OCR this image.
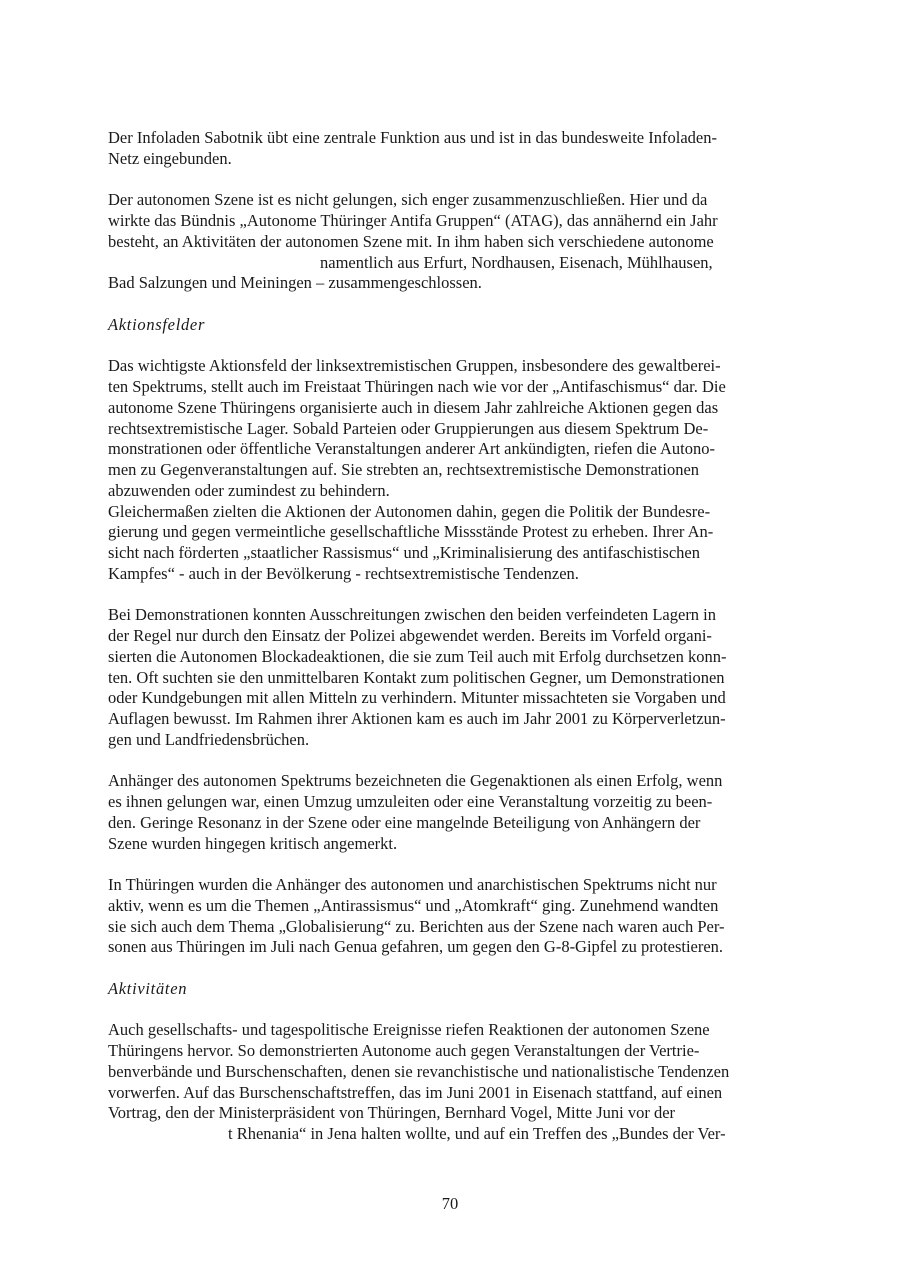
Der Infoladen Sabotnik übt eine zentrale Funktion aus und ist in das bundesweite Infoladen-
Netz eingebunden.
Der autonomen Szene ist es nicht gelungen, sich enger zusammenzuschließen. Hier und da
wirkte das Bündnis „Autonome Thüringer Antifa Gruppen“ (ATAG), das annähernd ein Jahr
besteht, an Aktivitäten der autonomen Szene mit. In ihm haben sich verschiedene autonome
namentlich aus Erfurt, Nordhausen, Eisenach, Mühlhausen,
Bad Salzungen und Meiningen – zusammengeschlossen.
Aktionsfelder
Das wichtigste Aktionsfeld der linksextremistischen Gruppen, insbesondere des gewaltberei-
ten Spektrums, stellt auch im Freistaat Thüringen nach wie vor der „Antifaschismus“ dar. Die
autonome Szene Thüringens organisierte auch in diesem Jahr zahlreiche Aktionen gegen das
rechtsextremistische Lager. Sobald Parteien oder Gruppierungen aus diesem Spektrum De-
monstrationen oder öffentliche Veranstaltungen anderer Art ankündigten, riefen die Autono-
men zu Gegenveranstaltungen auf. Sie strebten an, rechtsextremistische Demonstrationen
abzuwenden oder zumindest zu behindern.
Gleichermaßen zielten die Aktionen der Autonomen dahin, gegen die Politik der Bundesre-
gierung und gegen vermeintliche gesellschaftliche Missstände Protest zu erheben. Ihrer An-
sicht nach förderten „staatlicher Rassismus“ und „Kriminalisierung des antifaschistischen
Kampfes“ - auch in der Bevölkerung - rechtsextremistische Tendenzen.
Bei Demonstrationen konnten Ausschreitungen zwischen den beiden verfeindeten Lagern in
der Regel nur durch den Einsatz der Polizei abgewendet werden. Bereits im Vorfeld organi-
sierten die Autonomen Blockadeaktionen, die sie zum Teil auch mit Erfolg durchsetzen konn-
ten. Oft suchten sie den unmittelbaren Kontakt zum politischen Gegner, um Demonstrationen
oder Kundgebungen mit allen Mitteln zu verhindern. Mitunter missachteten sie Vorgaben und
Auflagen bewusst. Im Rahmen ihrer Aktionen kam es auch im Jahr 2001 zu Körperverletzun-
gen und Landfriedensbrüchen.
Anhänger des autonomen Spektrums bezeichneten die Gegenaktionen als einen Erfolg, wenn
es ihnen gelungen war, einen Umzug umzuleiten oder eine Veranstaltung vorzeitig zu been-
den. Geringe Resonanz in der Szene oder eine mangelnde Beteiligung von Anhängern der
Szene wurden hingegen kritisch angemerkt.
In Thüringen wurden die Anhänger des autonomen und anarchistischen Spektrums nicht nur
aktiv, wenn es um die Themen „Antirassismus“ und „Atomkraft“ ging. Zunehmend wandten
sie sich auch dem Thema „Globalisierung“ zu. Berichten aus der Szene nach waren auch Per-
sonen aus Thüringen im Juli nach Genua gefahren, um gegen den G-8-Gipfel zu protestieren.
Aktivitäten
Auch gesellschafts- und tagespolitische Ereignisse riefen Reaktionen der autonomen Szene
Thüringens hervor. So demonstrierten Autonome auch gegen Veranstaltungen der Vertrie-
benverbände und Burschenschaften, denen sie revanchistische und nationalistische Tendenzen
vorwerfen. Auf das Burschenschaftstreffen, das im Juni 2001 in Eisenach stattfand, auf einen
Vortrag, den der Ministerpräsident von Thüringen, Bernhard Vogel, Mitte Juni vor der
t Rhenania“ in Jena halten wollte, und auf ein Treffen des „Bundes der Ver-
70
